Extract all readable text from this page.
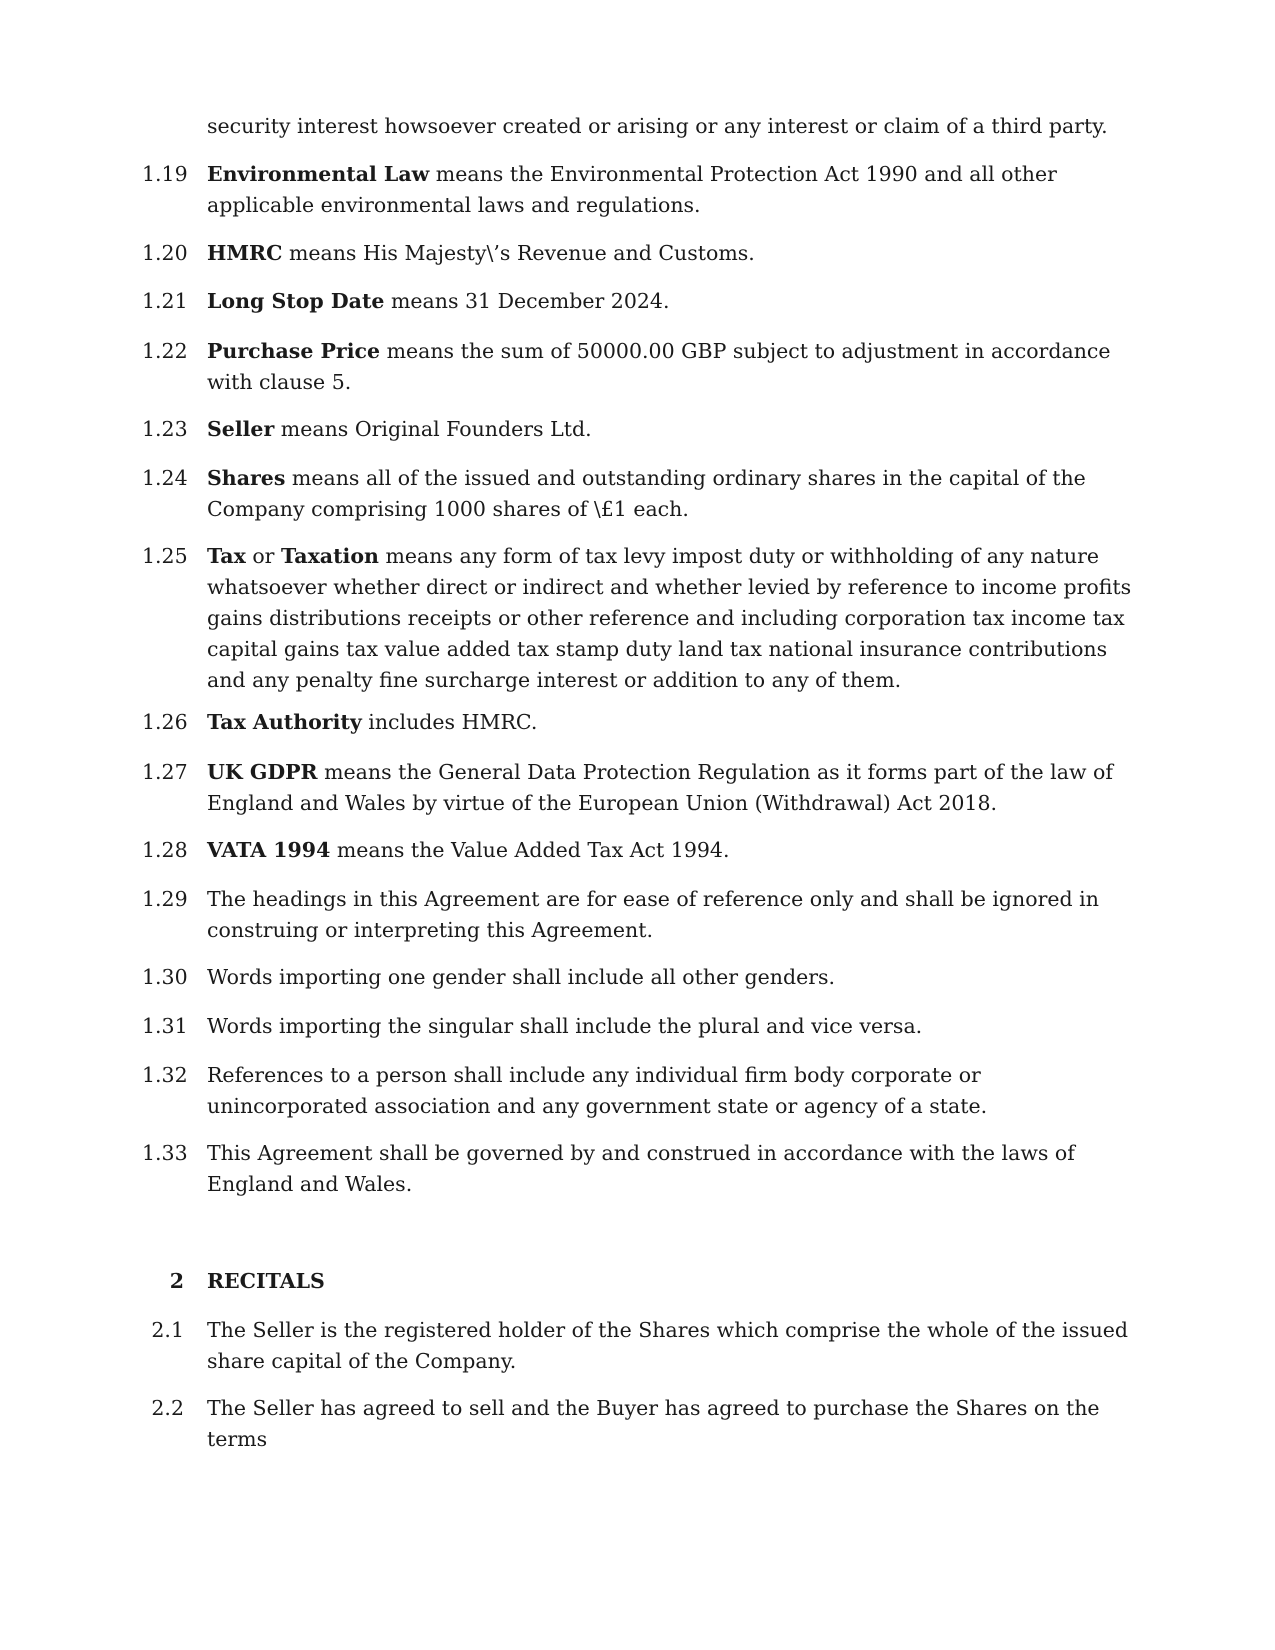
security interest howsoever created or arising or any interest or claim of a third party.
1.19 Environmental Law means the Environmental Protection Act 1990 and all other applicable environmental laws and regulations.
1.20 HMRC means His Majesty\’s Revenue and Customs.
1.21 Long Stop Date means 31 December 2024.
1.22 Purchase Price means the sum of 50000.00 GBP subject to adjustment in accordance with clause 5.
1.23 Seller means Original Founders Ltd.
1.24 Shares means all of the issued and outstanding ordinary shares in the capital of the Company comprising 1000 shares of \£1 each.
1.25 Tax or Taxation means any form of tax levy impost duty or withholding of any nature whatsoever whether direct or indirect and whether levied by reference to income profits gains distributions receipts or other reference and including corporation tax income tax capital gains tax value added tax stamp duty land tax national insurance contributions and any penalty fine surcharge interest or addition to any of them.
1.26 Tax Authority includes HMRC.
1.27 UK GDPR means the General Data Protection Regulation as it forms part of the law of England and Wales by virtue of the European Union (Withdrawal) Act 2018.
1.28 VATA 1994 means the Value Added Tax Act 1994.
1.29 The headings in this Agreement are for ease of reference only and shall be ignored in construing or interpreting this Agreement.
1.30 Words importing one gender shall include all other genders.
1.31 Words importing the singular shall include the plural and vice versa.
1.32 References to a person shall include any individual firm body corporate or unincorporated association and any government state or agency of a state.
1.33 This Agreement shall be governed by and construed in accordance with the laws of England and Wales.
2 RECITALS
2.1 The Seller is the registered holder of the Shares which comprise the whole of the issued share capital of the Company.
2.2 The Seller has agreed to sell and the Buyer has agreed to purchase the Shares on the terms
